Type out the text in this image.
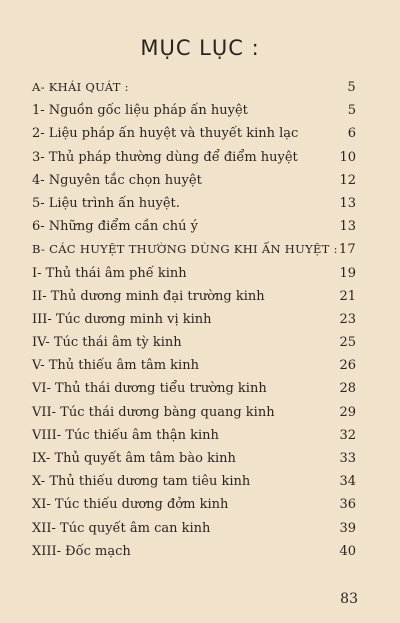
MỤC LỤC :
A- KHÁI QUÁT :	5
1- Nguồn gốc liệu pháp ấn huyệt	5
2- Liệu pháp ấn huyệt và thuyết kinh lạc	6
3- Thủ pháp thường dùng để điểm huyệt	10
4- Nguyên tắc chọn huyệt	12
5- Liệu trình ấn huyệt.	13
6- Những điểm cần chú ý	13
B- CÁC HUYỆT THƯỜNG DÙNG KHI ẤN HUYỆT : 17
I- Thủ thái âm phế kinh	19
II- Thủ dương minh đại trường kinh	21
III- Túc dương minh vị kinh	23
IV- Túc thái âm tỳ kinh	25
V- Thủ thiếu âm tâm kinh	26
VI- Thủ thái dương tiểu trường kinh	28
VII- Túc thái dương bàng quang kinh	29
VIII- Túc thiếu âm thận kinh	32
IX- Thủ quyết âm tâm bào kinh	33
X- Thủ thiếu dương tam tiêu kinh	34
XI- Túc thiếu dương đởm kinh	36
XII- Túc quyết âm can kinh	39
XIII- Đốc mạch	40
83
